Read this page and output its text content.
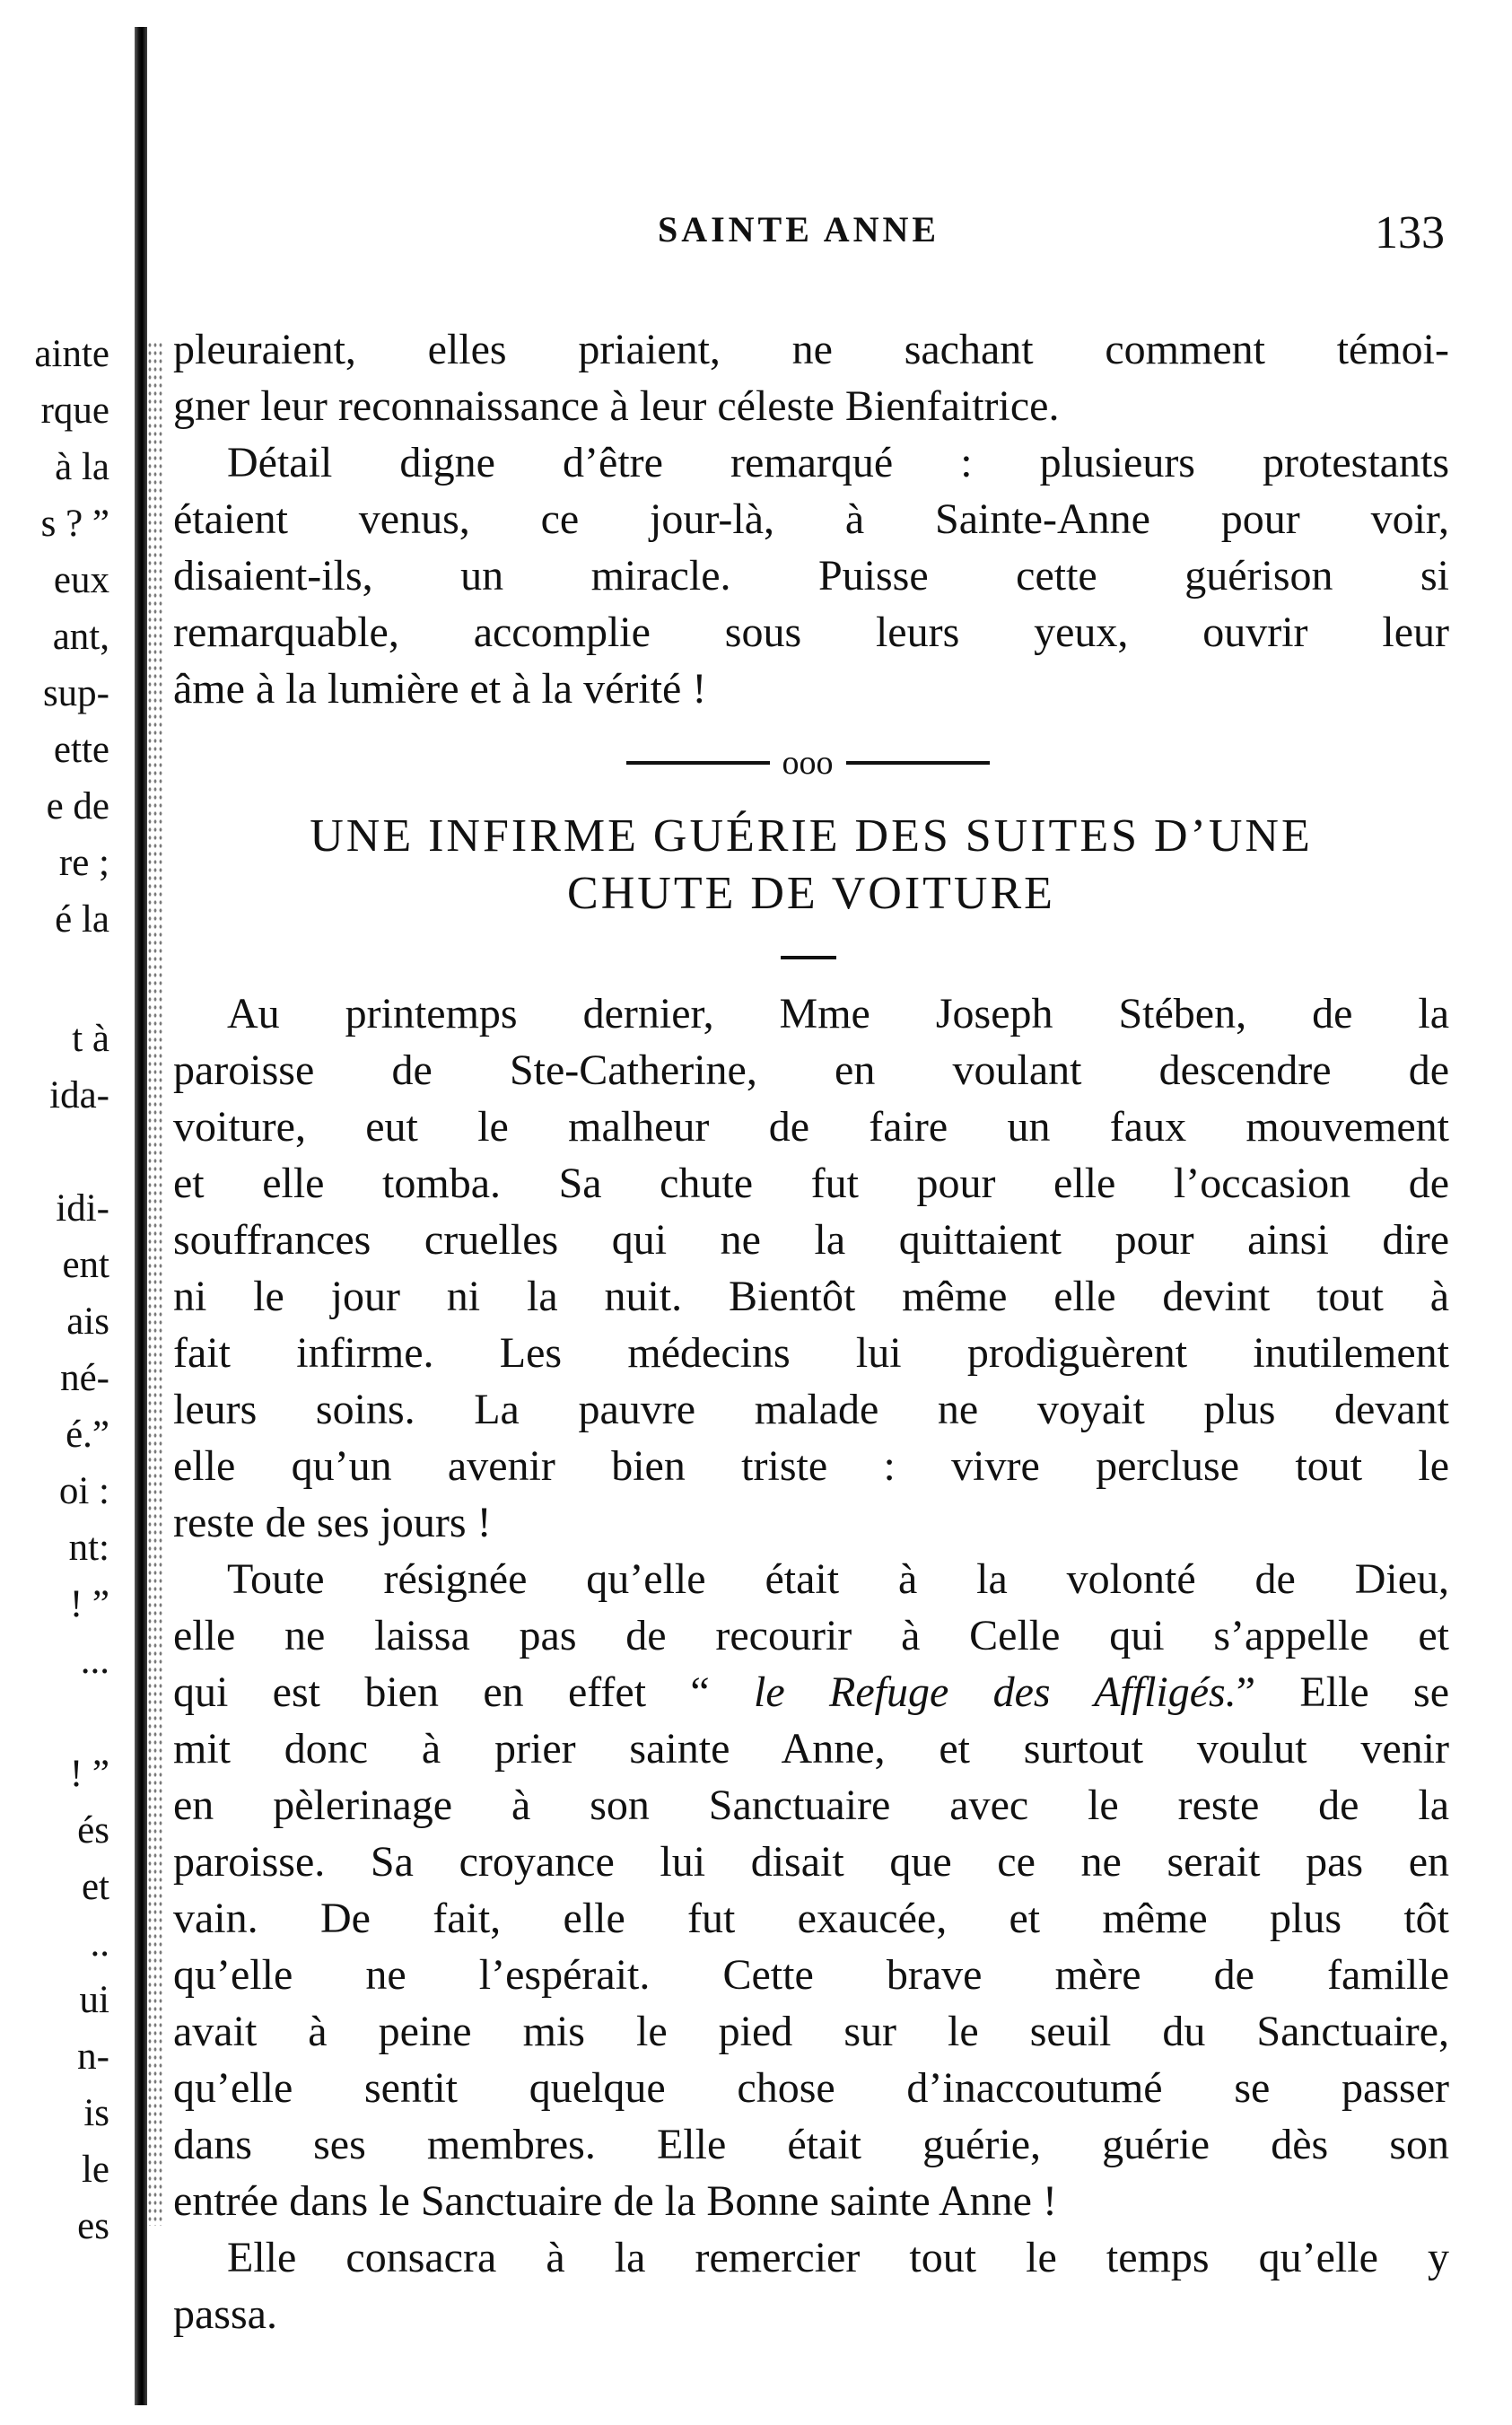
ainte
rque
à la
s ? ”
eux
ant,
sup-
ette
e de
re ;
é la
t à
ida-
idi-
ent
ais
né-
é.”
oi :
nt:
! ”
...
! ”
és
et
..
ui
n-
is
le
es
SAINTE ANNE	133
pleuraient, elles priaient, ne sachant comment témoi-
gner leur reconnaissance à leur céleste Bienfaitrice.
Détail digne d’être remarqué : plusieurs protestants
étaient venus, ce jour-là, à Sainte-Anne pour voir,
disaient-ils, un miracle. Puisse cette guérison si
remarquable, accomplie sous leurs yeux, ouvrir leur
âme à la lumière et à la vérité !
ooo
UNE INFIRME GUÉRIE DES SUITES D’UNE
CHUTE DE VOITURE
Au printemps dernier, Mme Joseph Stében, de la
paroisse de Ste-Catherine, en voulant descendre de
voiture, eut le malheur de faire un faux mouvement
et elle tomba. Sa chute fut pour elle l’occasion de
souffrances cruelles qui ne la quittaient pour ainsi dire
ni le jour ni la nuit. Bientôt même elle devint tout à
fait infirme. Les médecins lui prodiguèrent inutilement
leurs soins. La pauvre malade ne voyait plus devant
elle qu’un avenir bien triste : vivre percluse tout le
reste de ses jours !
Toute résignée qu’elle était à la volonté de Dieu,
elle ne laissa pas de recourir à Celle qui s’appelle et
qui est bien en effet “ le Refuge des Affligés.” Elle se
mit donc à prier sainte Anne, et surtout voulut venir
en pèlerinage à son Sanctuaire avec le reste de la
paroisse. Sa croyance lui disait que ce ne serait pas en
vain. De fait, elle fut exaucée, et même plus tôt
qu’elle ne l’espérait. Cette brave mère de famille
avait à peine mis le pied sur le seuil du Sanctuaire,
qu’elle sentit quelque chose d’inaccoutumé se passer
dans ses membres. Elle était guérie, guérie dès son
entrée dans le Sanctuaire de la Bonne sainte Anne !
Elle consacra à la remercier tout le temps qu’elle y
passa.
